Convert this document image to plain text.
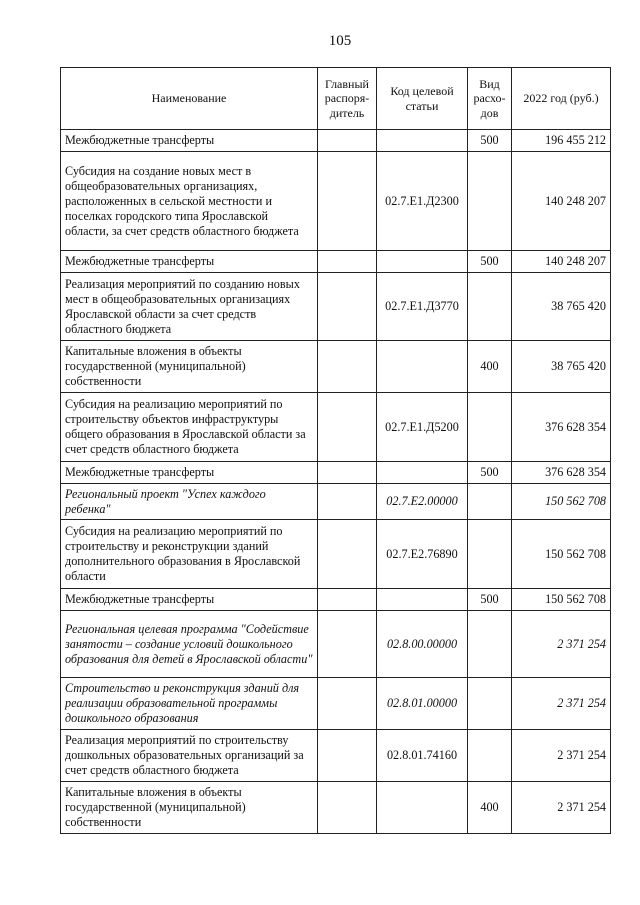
105
Наименование	Главный распоря- дитель	Код целевой статьи	Вид расхо- дов	2022 год (руб.)
Межбюджетные трансферты			500	196 455 212
Субсидия на создание новых мест в общеобразовательных организациях, расположенных в сельской местности и поселках городского типа Ярославской области, за счет средств областного бюджета		02.7.E1.Д2300		140 248 207
Межбюджетные трансферты			500	140 248 207
Реализация мероприятий по созданию новых мест в общеобразовательных организациях Ярославской области за счет средств областного бюджета		02.7.E1.Д3770		38 765 420
Капитальные вложения в объекты государственной (муниципальной) собственности			400	38 765 420
Субсидия на реализацию мероприятий по строительству объектов инфраструктуры общего образования в Ярославской области за счет средств областного бюджета		02.7.E1.Д5200		376 628 354
Межбюджетные трансферты			500	376 628 354
Региональный проект "Успех каждого ребенка"		02.7.E2.00000		150 562 708
Субсидия на реализацию мероприятий по строительству и реконструкции зданий дополнительного образования в Ярославской области		02.7.E2.76890		150 562 708
Межбюджетные трансферты			500	150 562 708
Региональная целевая программа "Содействие занятости – создание условий дошкольного образования для детей в Ярославской области"		02.8.00.00000		2 371 254
Строительство и реконструкция зданий для реализации образовательной программы дошкольного образования		02.8.01.00000		2 371 254
Реализация мероприятий по строительству дошкольных образовательных организаций за счет средств областного бюджета		02.8.01.74160		2 371 254
Капитальные вложения в объекты государственной (муниципальной) собственности			400	2 371 254
